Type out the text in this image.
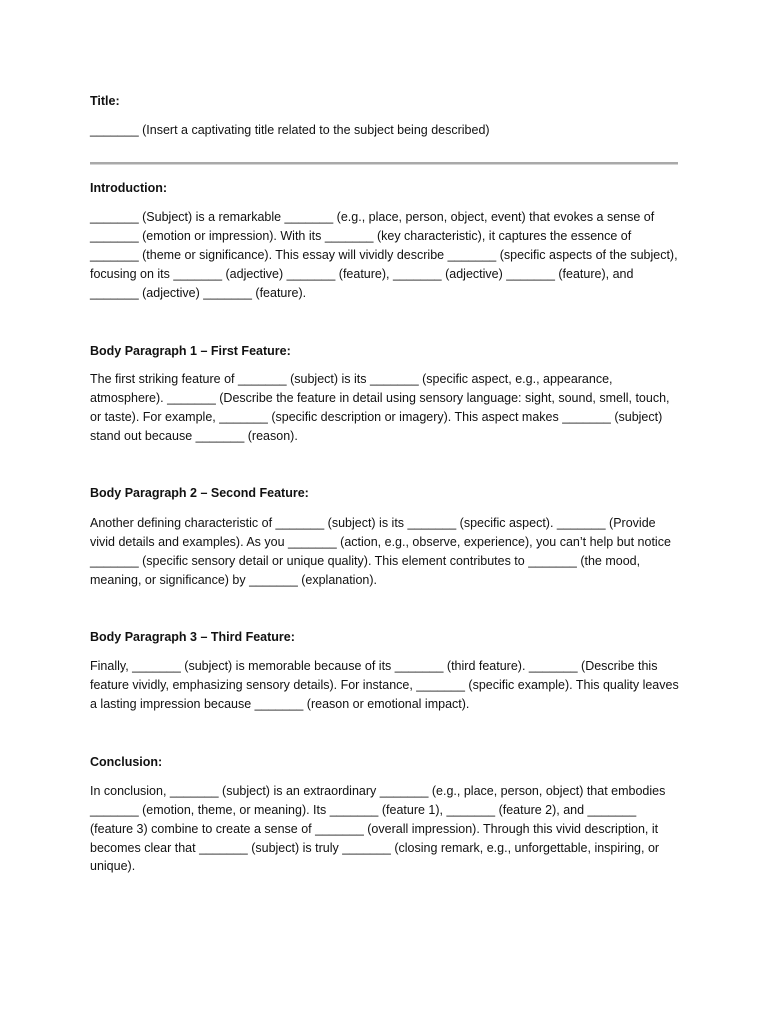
Title:
_______ (Insert a captivating title related to the subject being described)
Introduction:
_______ (Subject) is a remarkable _______ (e.g., place, person, object, event) that evokes a sense of
_______ (emotion or impression). With its _______ (key characteristic), it captures the essence of
_______ (theme or significance). This essay will vividly describe _______ (specific aspects of the subject),
focusing on its _______ (adjective) _______ (feature), _______ (adjective) _______ (feature), and
_______ (adjective) _______ (feature).
Body Paragraph 1 – First Feature:
The first striking feature of _______ (subject) is its _______ (specific aspect, e.g., appearance,
atmosphere). _______ (Describe the feature in detail using sensory language: sight, sound, smell, touch,
or taste). For example, _______ (specific description or imagery). This aspect makes _______ (subject)
stand out because _______ (reason).
Body Paragraph 2 – Second Feature:
Another defining characteristic of _______ (subject) is its _______ (specific aspect). _______ (Provide
vivid details and examples). As you _______ (action, e.g., observe, experience), you can’t help but notice
_______ (specific sensory detail or unique quality). This element contributes to _______ (the mood,
meaning, or significance) by _______ (explanation).
Body Paragraph 3 – Third Feature:
Finally, _______ (subject) is memorable because of its _______ (third feature). _______ (Describe this
feature vividly, emphasizing sensory details). For instance, _______ (specific example). This quality leaves
a lasting impression because _______ (reason or emotional impact).
Conclusion:
In conclusion, _______ (subject) is an extraordinary _______ (e.g., place, person, object) that embodies
_______ (emotion, theme, or meaning). Its _______ (feature 1), _______ (feature 2), and _______
(feature 3) combine to create a sense of _______ (overall impression). Through this vivid description, it
becomes clear that _______ (subject) is truly _______ (closing remark, e.g., unforgettable, inspiring, or
unique).
